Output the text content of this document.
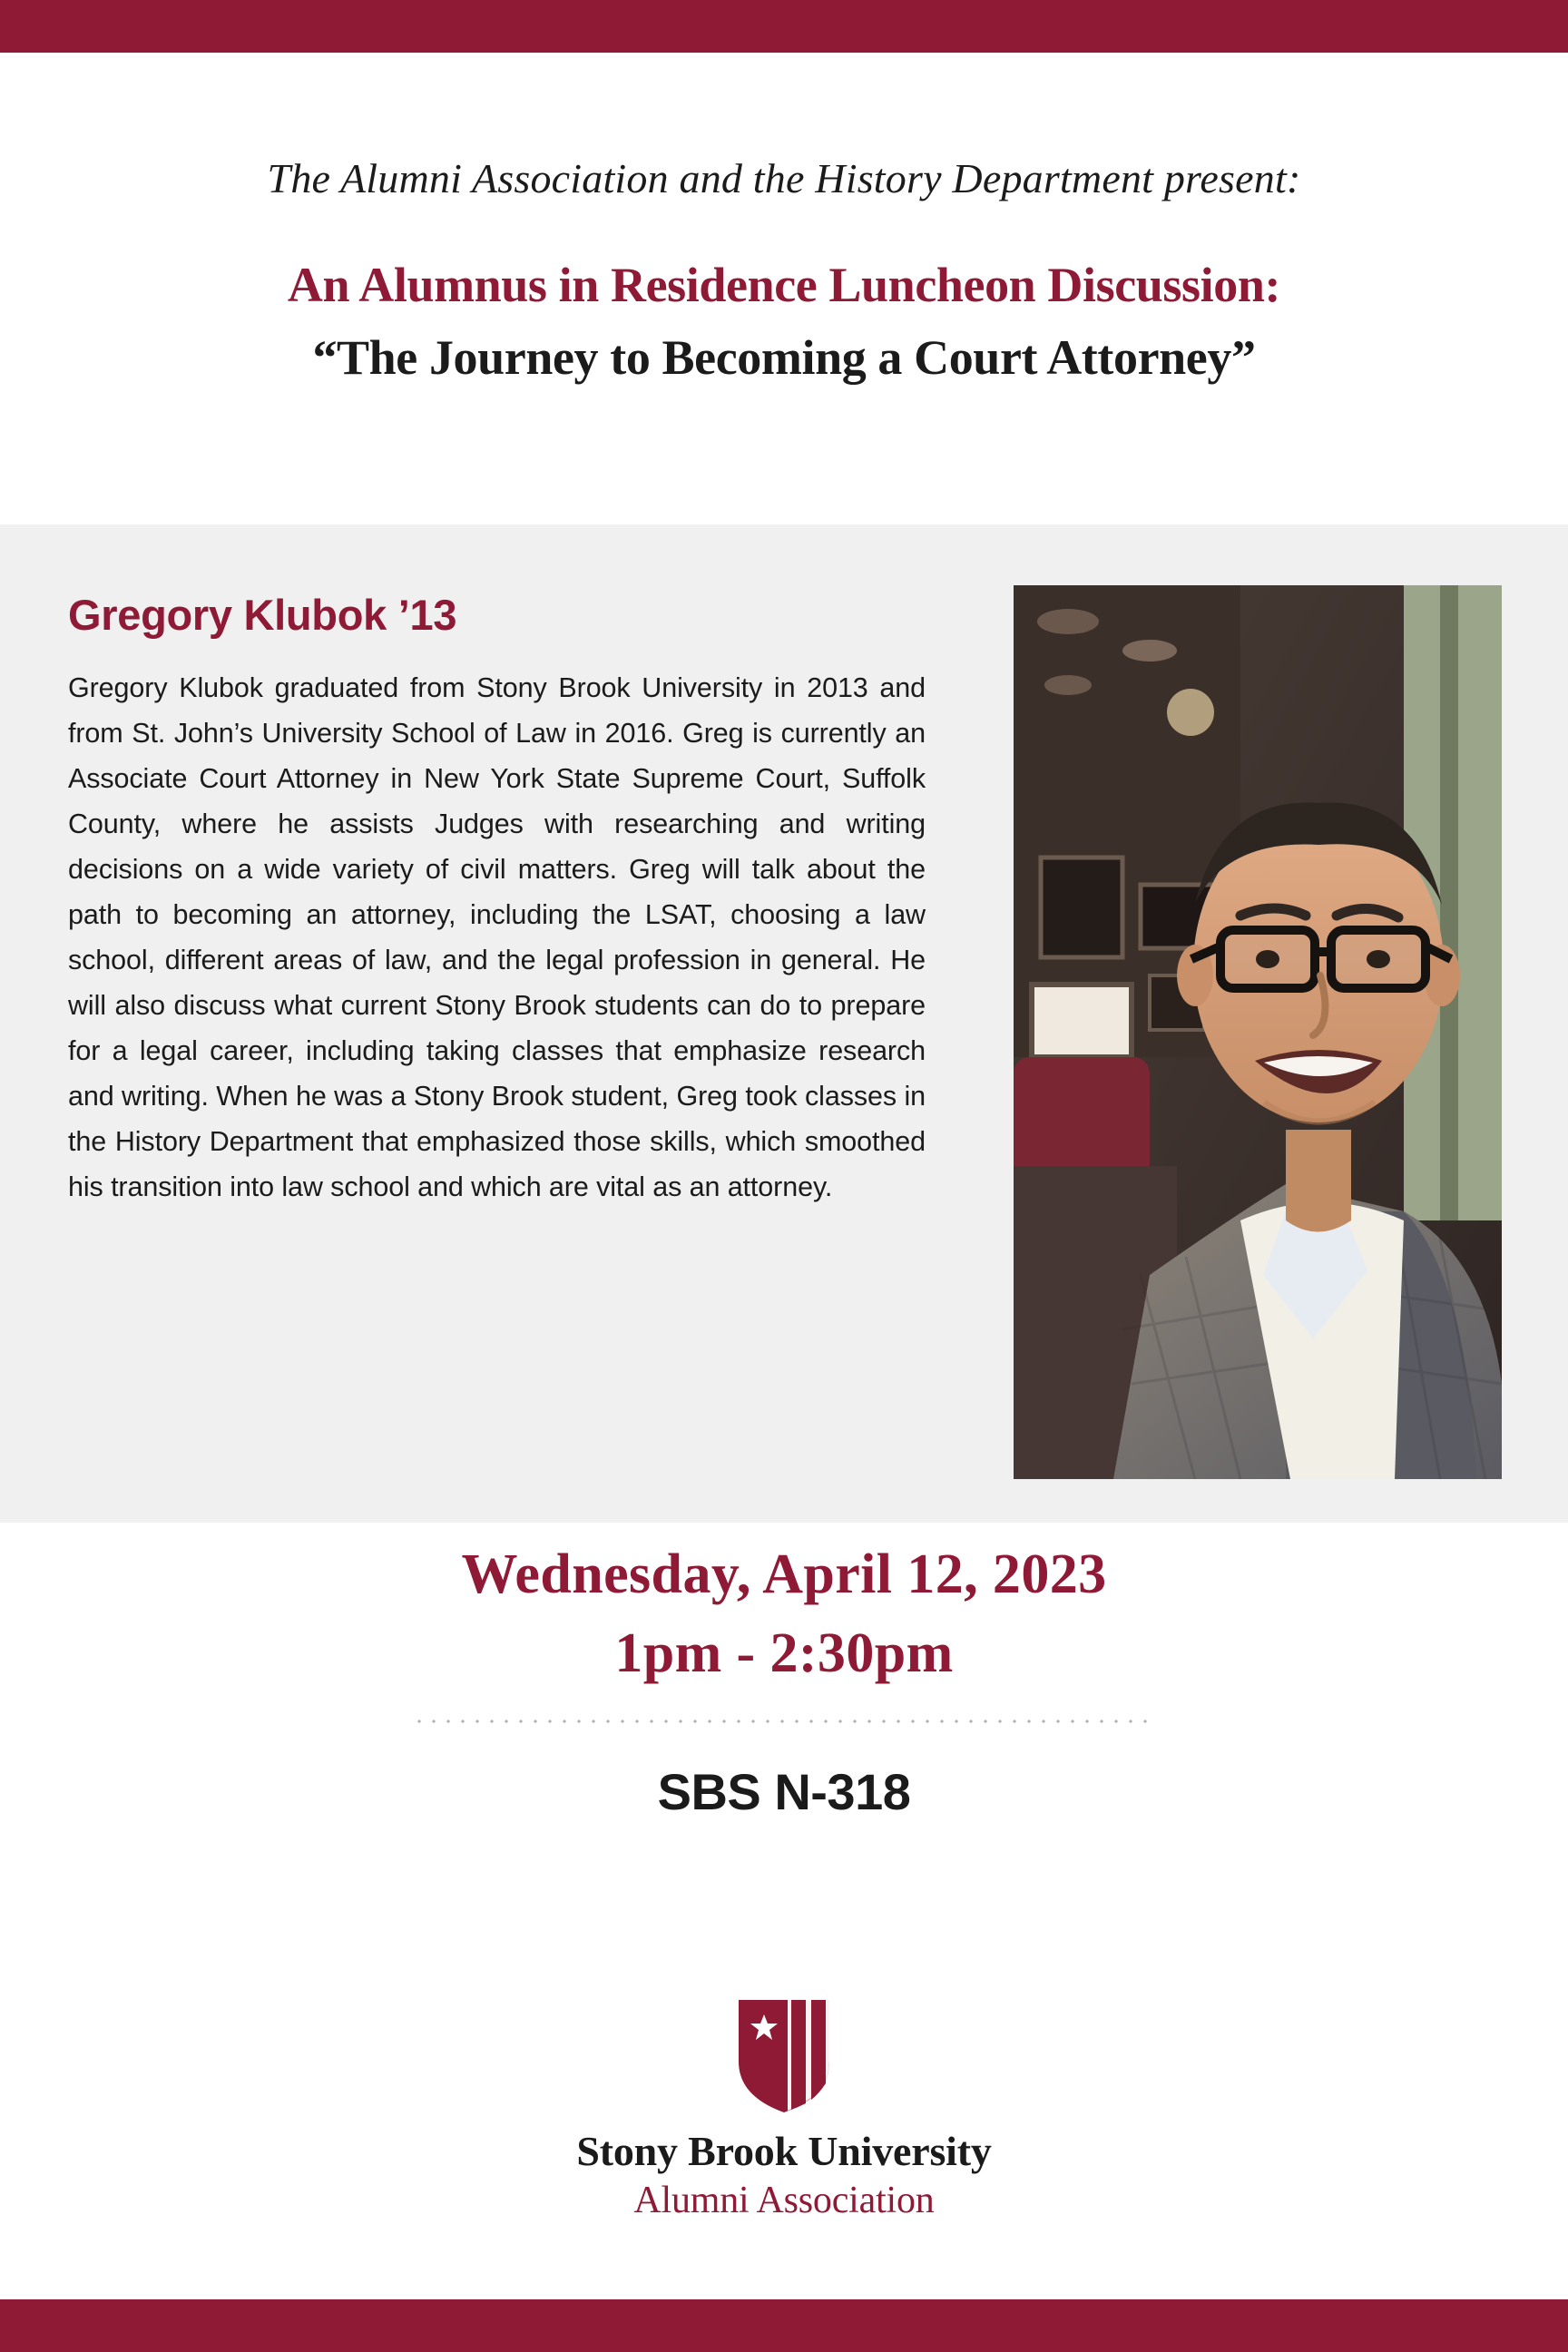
The Alumni Association and the History Department present:
An Alumnus in Residence Luncheon Discussion:
“The Journey to Becoming a Court Attorney”
Gregory Klubok ’13

Gregory Klubok graduated from Stony Brook University in 2013 and from St. John’s University School of Law in 2016. Greg is currently an Associate Court Attorney in New York State Supreme Court, Suffolk County, where he assists Judges with researching and writing decisions on a wide variety of civil matters. Greg will talk about the path to becoming an attorney, including the LSAT, choosing a law school, different areas of law, and the legal profession in general. He will also discuss what current Stony Brook students can do to prepare for a legal career, including taking classes that emphasize research and writing. When he was a Stony Brook student, Greg took classes in the History Department that emphasized those skills, which smoothed his transition into law school and which are vital as an attorney.

Wednesday, April 12, 2023
1pm - 2:30pm
SBS N-318
Stony Brook University
Alumni Association
